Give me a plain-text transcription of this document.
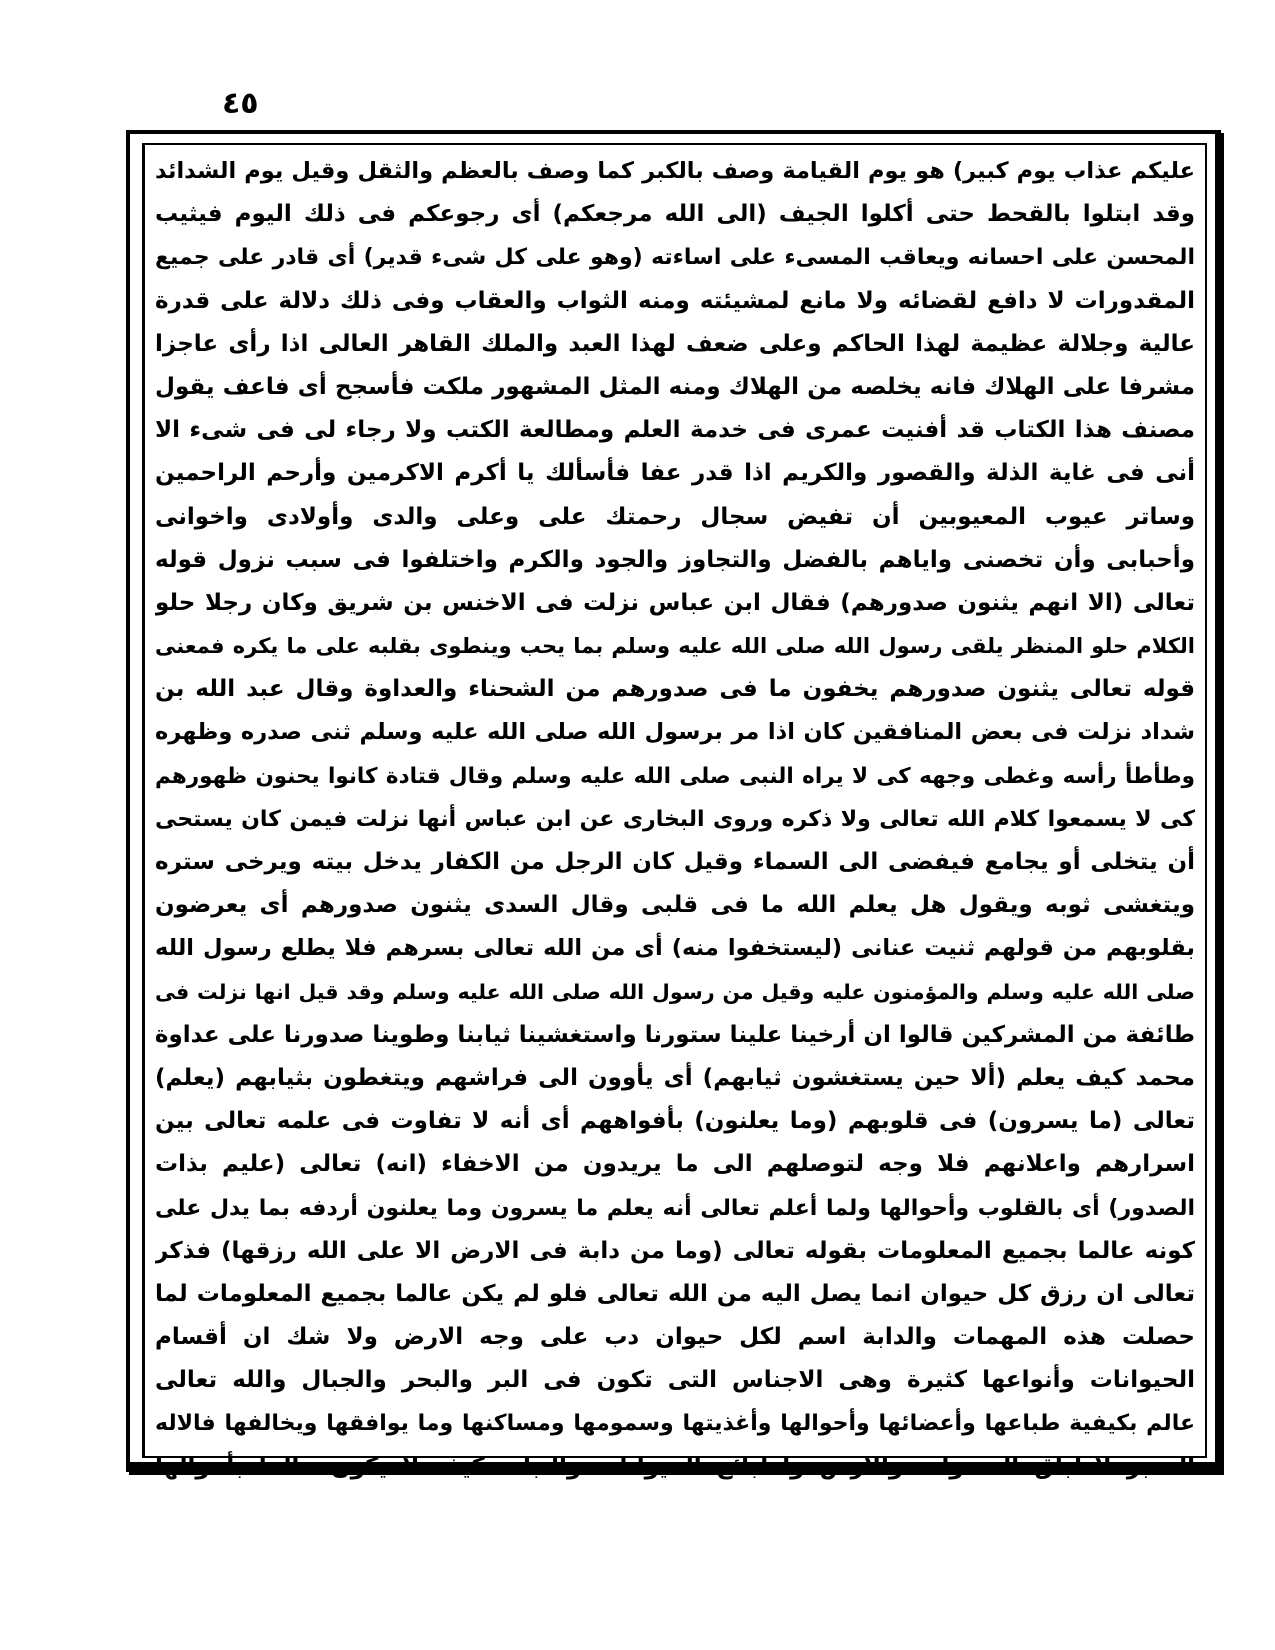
٤٥
عليكم عذاب يوم كبير) هو يوم القيامة وصف بالكبر كما وصف بالعظم والثقل وقيل يوم الشدائد
وقد ابتلوا بالقحط حتى أكلوا الجيف (الى الله مرجعكم) أى رجوعكم فى ذلك اليوم فيثيب
المحسن على احسانه ويعاقب المسىء على اساءته (وهو على كل شىء قدير) أى قادر على جميع
المقدورات لا دافع لقضائه ولا مانع لمشيئته ومنه الثواب والعقاب وفى ذلك دلالة على قدرة
عالية وجلالة عظيمة لهذا الحاكم وعلى ضعف لهذا العبد والملك القاهر العالى اذا رأى عاجزا
مشرفا على الهلاك فانه يخلصه من الهلاك ومنه المثل المشهور ملكت فأسجح أى فاعف يقول
مصنف هذا الكتاب قد أفنيت عمرى فى خدمة العلم ومطالعة الكتب ولا رجاء لى فى شىء الا
أنى فى غاية الذلة والقصور والكريم اذا قدر عفا فأسألك يا أكرم الاكرمين وأرحم الراحمين
وساتر عيوب المعيوبين أن تفيض سجال رحمتك على وعلى والدى وأولادى واخوانى
وأحبابى وأن تخصنى واياهم بالفضل والتجاوز والجود والكرم واختلفوا فى سبب نزول قوله
تعالى (الا انهم يثنون صدورهم) فقال ابن عباس نزلت فى الاخنس بن شريق وكان رجلا حلو
الكلام حلو المنظر يلقى رسول الله صلى الله عليه وسلم بما يحب وينطوى بقلبه على ما يكره فمعنى
قوله تعالى يثنون صدورهم يخفون ما فى صدورهم من الشحناء والعداوة وقال عبد الله بن
شداد نزلت فى بعض المنافقين كان اذا مر برسول الله صلى الله عليه وسلم ثنى صدره وظهره
وطأطأ رأسه وغطى وجهه كى لا يراه النبى صلى الله عليه وسلم وقال قتادة كانوا يحنون ظهورهم
كى لا يسمعوا كلام الله تعالى ولا ذكره وروى البخارى عن ابن عباس أنها نزلت فيمن كان يستحى
أن يتخلى أو يجامع فيفضى الى السماء وقيل كان الرجل من الكفار يدخل بيته ويرخى ستره
ويتغشى ثوبه ويقول هل يعلم الله ما فى قلبى وقال السدى يثنون صدورهم أى يعرضون
بقلوبهم من قولهم ثنيت عنانى (ليستخفوا منه) أى من الله تعالى بسرهم فلا يطلع رسول الله
صلى الله عليه وسلم والمؤمنون عليه وقيل من رسول الله صلى الله عليه وسلم وقد قيل انها نزلت فى
طائفة من المشركين قالوا ان أرخينا علينا ستورنا واستغشينا ثيابنا وطوينا صدورنا على عداوة
محمد كيف يعلم (ألا حين يستغشون ثيابهم) أى يأوون الى فراشهم ويتغطون بثيابهم (يعلم)
تعالى (ما يسرون) فى قلوبهم (وما يعلنون) بأفواههم أى أنه لا تفاوت فى علمه تعالى بين
اسرارهم واعلانهم فلا وجه لتوصلهم الى ما يريدون من الاخفاء (انه) تعالى (عليم بذات
الصدور) أى بالقلوب وأحوالها ولما أعلم تعالى أنه يعلم ما يسرون وما يعلنون أردفه بما يدل على
كونه عالما بجميع المعلومات بقوله تعالى (وما من دابة فى الارض الا على الله رزقها) فذكر
تعالى ان رزق كل حيوان انما يصل اليه من الله تعالى فلو لم يكن عالما بجميع المعلومات لما
حصلت هذه المهمات والدابة اسم لكل حيوان دب على وجه الارض ولا شك ان أقسام
الحيوانات وأنواعها كثيرة وهى الاجناس التى تكون فى البر والبحر والجبال والله تعالى
عالم بكيفية طباعها وأعضائها وأحوالها وأغذيتها وسمومها ومساكنها وما يوافقها ويخالفها فالاله
المدبر لاطباق السموات والارض ولطبائع الحيوانات والنبات كيف لا يكون عالما بأحوالها
